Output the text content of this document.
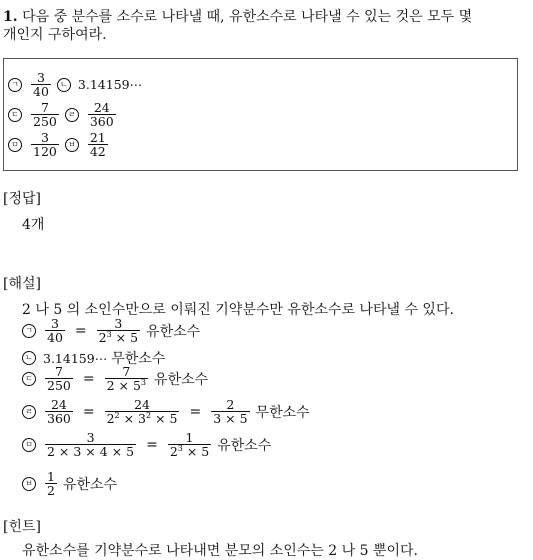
1. 다음 중 분수를 소수로 나타낼 때, 유한소수로 나타낼 수 있는 것은 모두 몇
개인지 구하여라.
ㄱ $\frac{3}{40}$	ㄴ 3.14159⋯
ㄷ $\frac{7}{250}$	ㄹ $\frac{24}{360}$
ㅁ $\frac{3}{120}$	ㅂ $\frac{21}{42}$
[정답]
4개
[해설]
2 나 5 의 소인수만으로 이뤄진 기약분수만 유한소수로 나타낼 수 있다.
ㄱ $\frac{3}{40} = \frac{3}{2^3 \times 5}$ 유한소수
ㄴ 3.14159⋯ 무한소수
ㄷ $\frac{7}{250} = \frac{7}{2 \times 5^3}$ 유한소수
ㄹ $\frac{24}{360} = \frac{24}{2^2 \times 3^2 \times 5} = \frac{2}{3 \times 5}$ 무한소수
ㅁ $\frac{3}{2 \times 3 \times 4 \times 5} = \frac{1}{2^3 \times 5}$ 유한소수
ㅂ $\frac{1}{2}$ 유한소수
[힌트]
유한소수를 기약분수로 나타내면 분모의 소인수는 2 나 5 뿐이다.
